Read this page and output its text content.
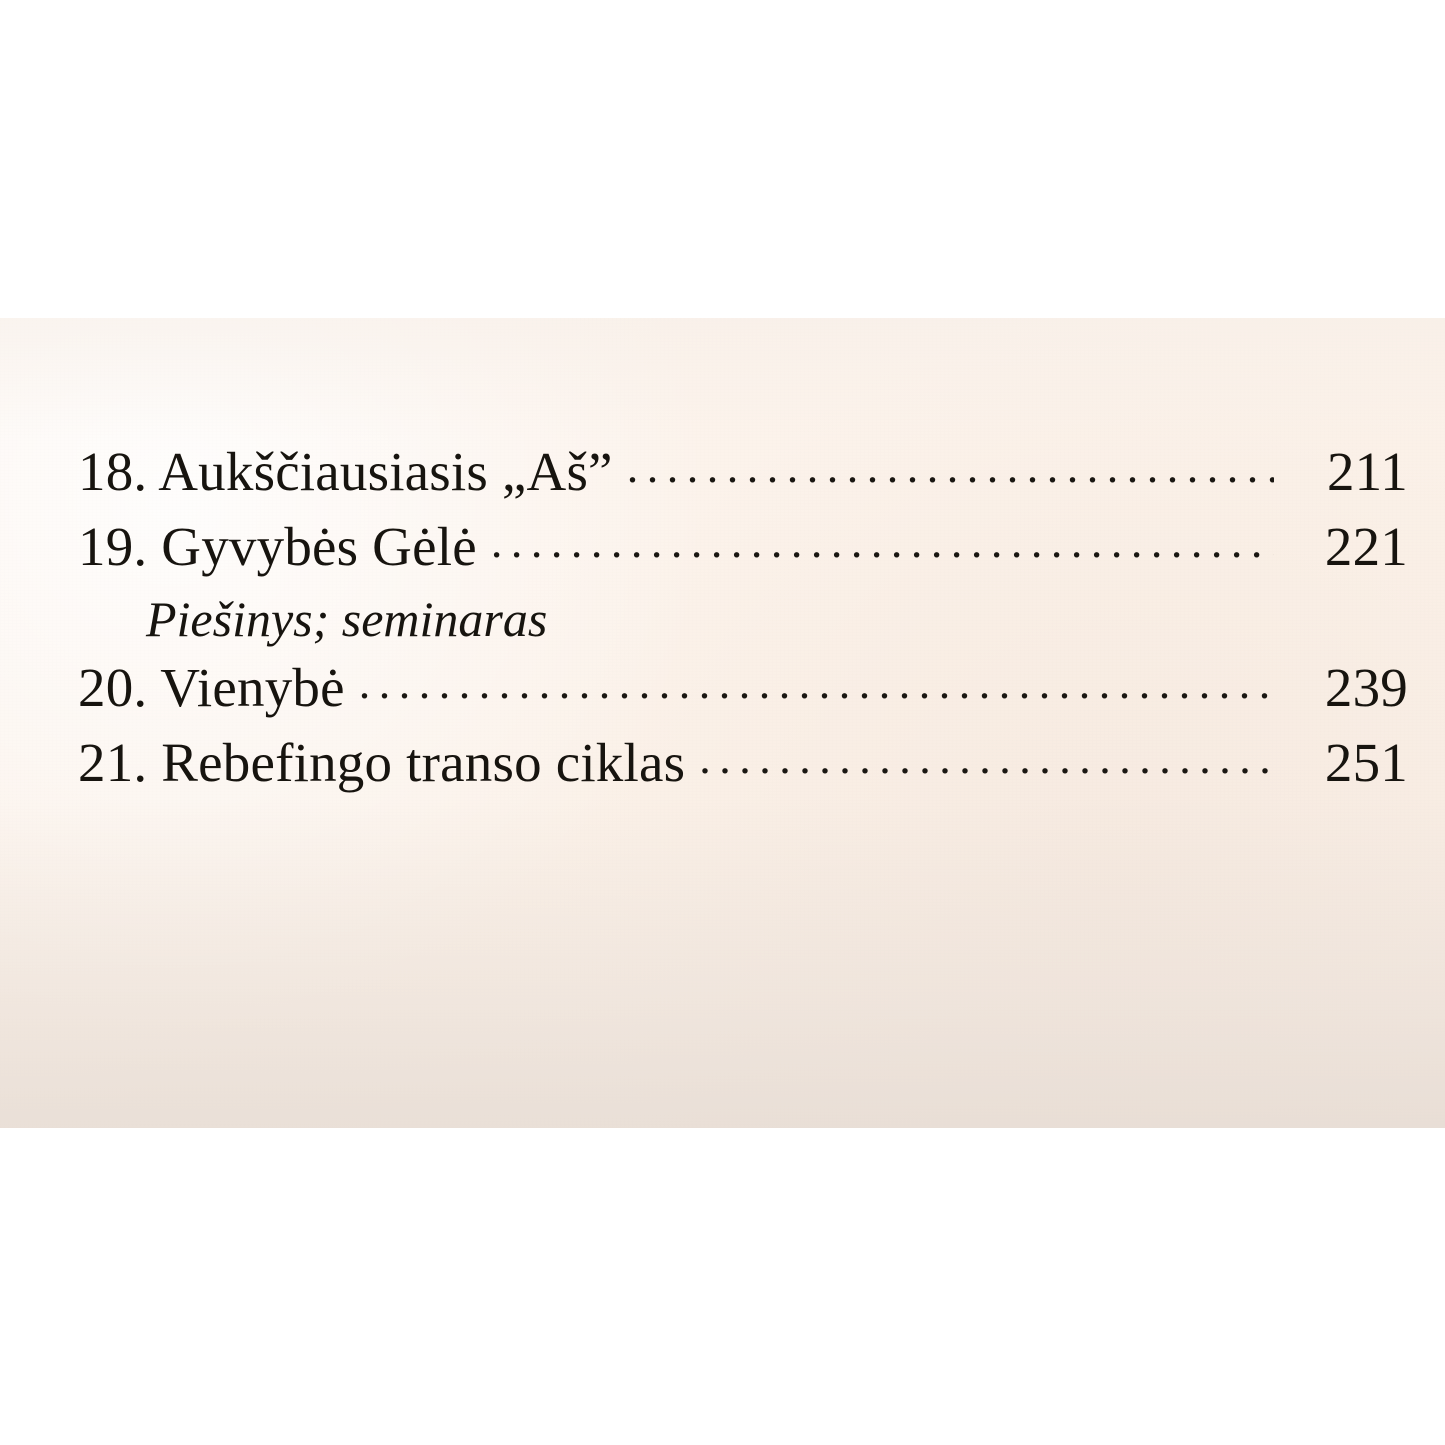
18. Aukščiausiasis „Aš” .....	211
19. Gyvybės Gėlė .....	221
Piešinys; seminaras
20. Vienybė .....	239
21. Rebefingo transo ciklas .....	251
